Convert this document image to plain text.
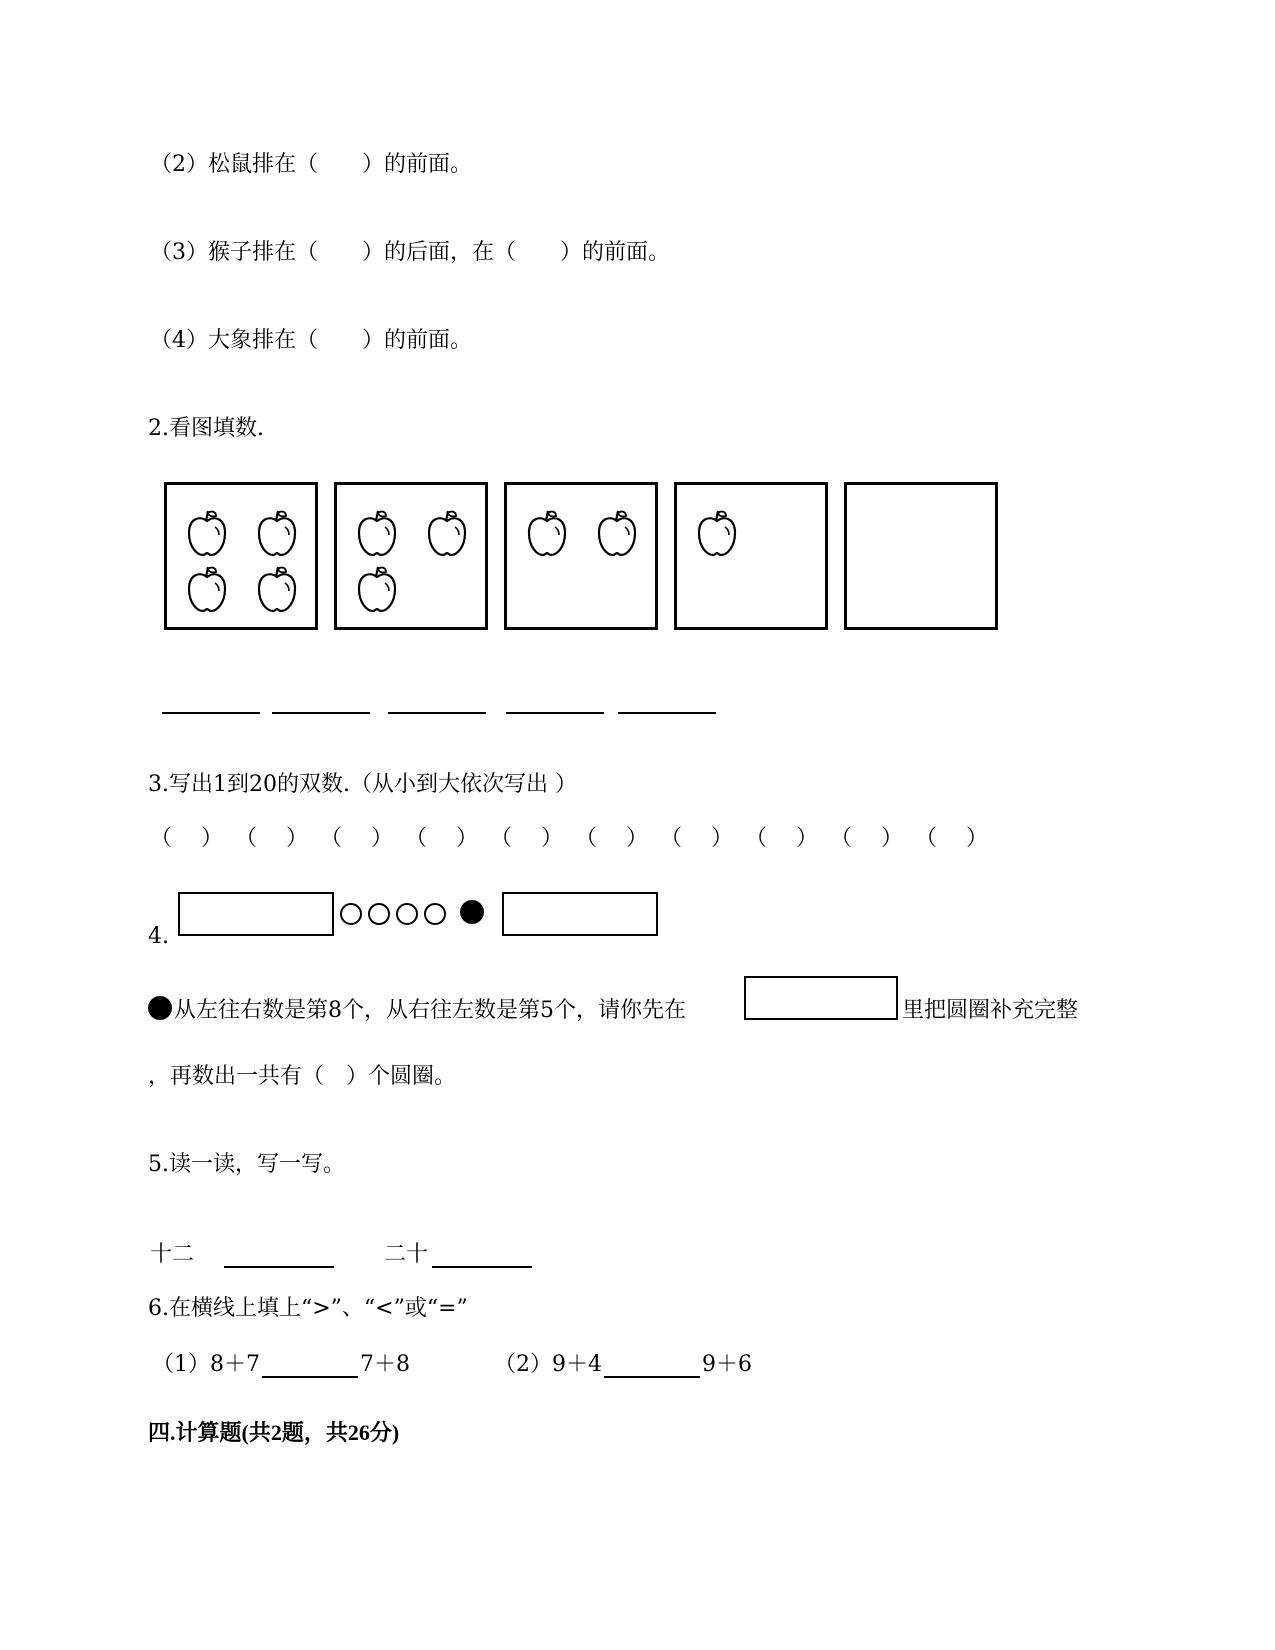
（2）松鼠排在（　　）的前面。
（3）猴子排在（　　）的后面，在（　　）的前面。
（4）大象排在（　　）的前面。
2.看图填数.
3.写出1到20的双数.（从小到大依次写出 ）
（　 ） （　 ） （　 ） （　 ） （　 ） （　 ） （　 ） （　 ） （　 ） （　 ）
4.
从左往右数是第8个，从右往左数是第5个，请你先在	里把圆圈补充完整
，再数出一共有（　）个圆圈。
5.读一读，写一写。
十二	二十
6.在横线上填上“>”、“<”或“=”
（1）8＋7	7＋8	（2）9＋4	9＋6
四.计算题(共2题，共26分)
